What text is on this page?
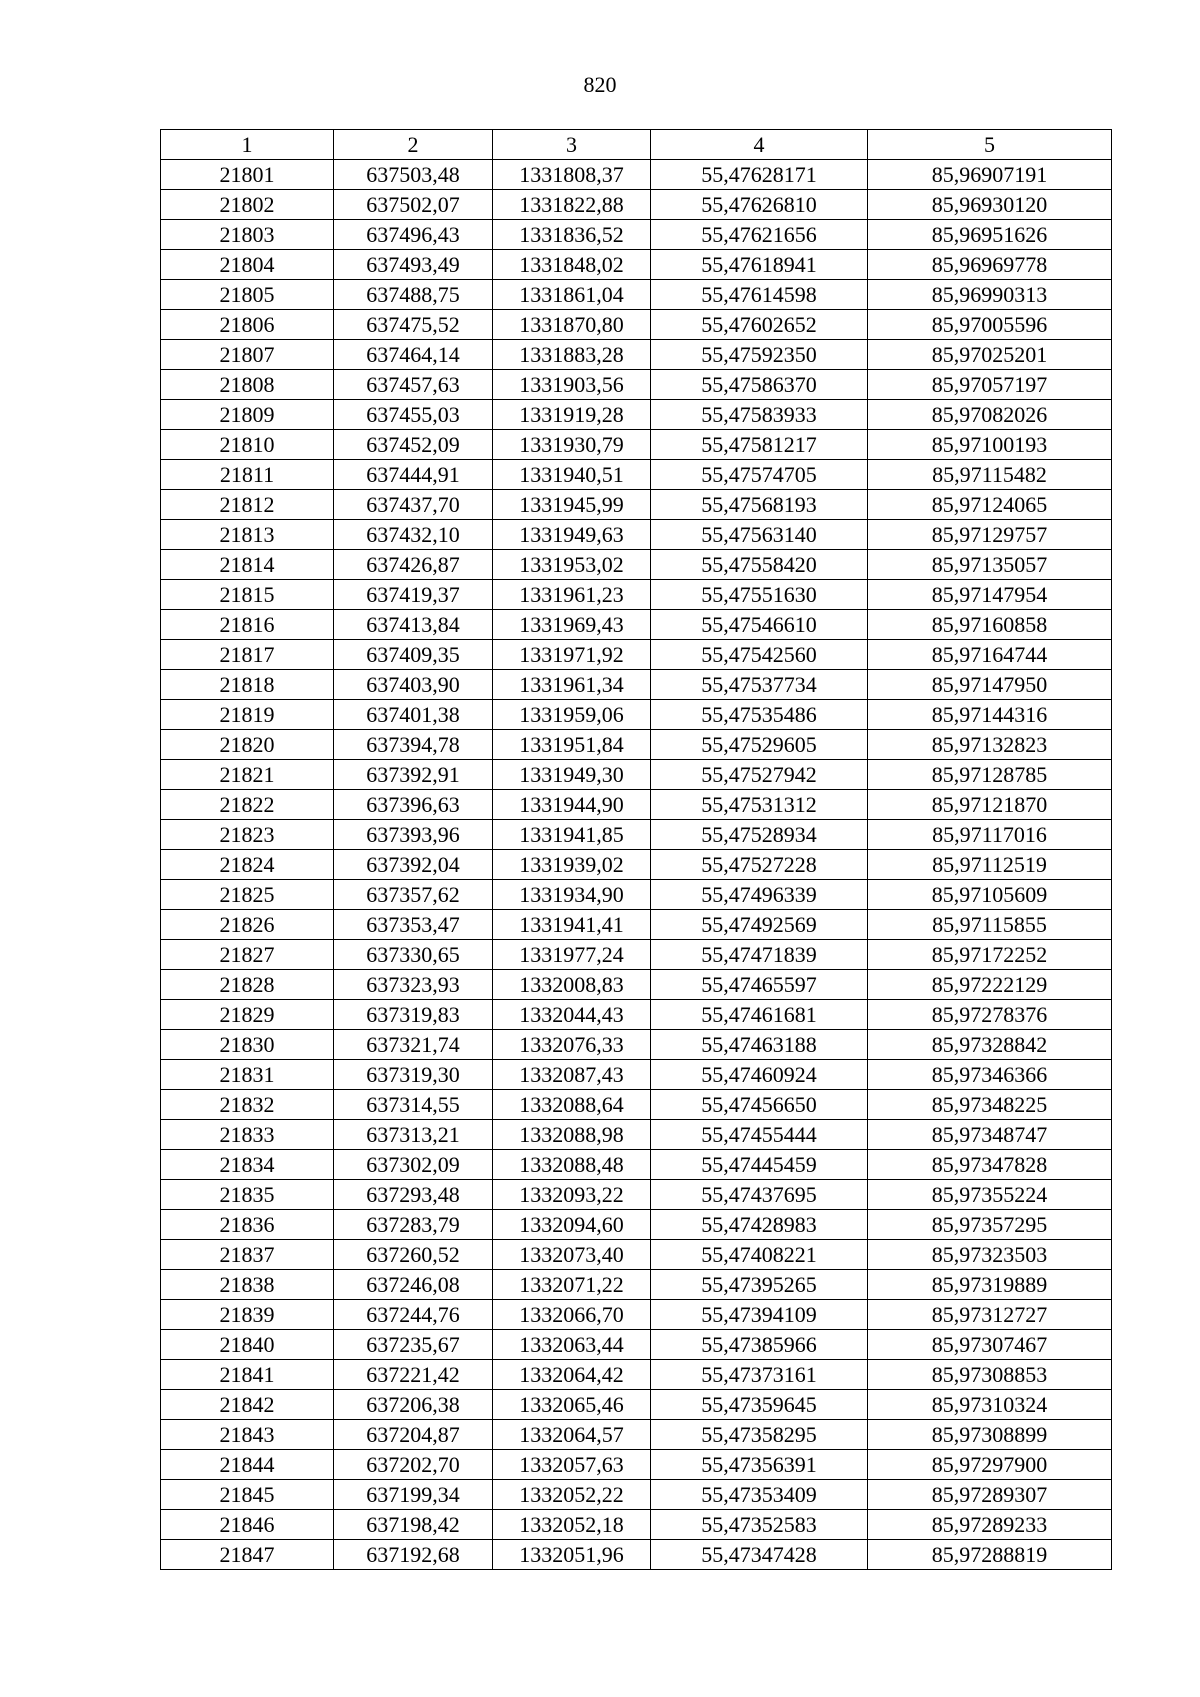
820
1	2	3	4	5
21801	637503,48	1331808,37	55,47628171	85,96907191
21802	637502,07	1331822,88	55,47626810	85,96930120
21803	637496,43	1331836,52	55,47621656	85,96951626
21804	637493,49	1331848,02	55,47618941	85,96969778
21805	637488,75	1331861,04	55,47614598	85,96990313
21806	637475,52	1331870,80	55,47602652	85,97005596
21807	637464,14	1331883,28	55,47592350	85,97025201
21808	637457,63	1331903,56	55,47586370	85,97057197
21809	637455,03	1331919,28	55,47583933	85,97082026
21810	637452,09	1331930,79	55,47581217	85,97100193
21811	637444,91	1331940,51	55,47574705	85,97115482
21812	637437,70	1331945,99	55,47568193	85,97124065
21813	637432,10	1331949,63	55,47563140	85,97129757
21814	637426,87	1331953,02	55,47558420	85,97135057
21815	637419,37	1331961,23	55,47551630	85,97147954
21816	637413,84	1331969,43	55,47546610	85,97160858
21817	637409,35	1331971,92	55,47542560	85,97164744
21818	637403,90	1331961,34	55,47537734	85,97147950
21819	637401,38	1331959,06	55,47535486	85,97144316
21820	637394,78	1331951,84	55,47529605	85,97132823
21821	637392,91	1331949,30	55,47527942	85,97128785
21822	637396,63	1331944,90	55,47531312	85,97121870
21823	637393,96	1331941,85	55,47528934	85,97117016
21824	637392,04	1331939,02	55,47527228	85,97112519
21825	637357,62	1331934,90	55,47496339	85,97105609
21826	637353,47	1331941,41	55,47492569	85,97115855
21827	637330,65	1331977,24	55,47471839	85,97172252
21828	637323,93	1332008,83	55,47465597	85,97222129
21829	637319,83	1332044,43	55,47461681	85,97278376
21830	637321,74	1332076,33	55,47463188	85,97328842
21831	637319,30	1332087,43	55,47460924	85,97346366
21832	637314,55	1332088,64	55,47456650	85,97348225
21833	637313,21	1332088,98	55,47455444	85,97348747
21834	637302,09	1332088,48	55,47445459	85,97347828
21835	637293,48	1332093,22	55,47437695	85,97355224
21836	637283,79	1332094,60	55,47428983	85,97357295
21837	637260,52	1332073,40	55,47408221	85,97323503
21838	637246,08	1332071,22	55,47395265	85,97319889
21839	637244,76	1332066,70	55,47394109	85,97312727
21840	637235,67	1332063,44	55,47385966	85,97307467
21841	637221,42	1332064,42	55,47373161	85,97308853
21842	637206,38	1332065,46	55,47359645	85,97310324
21843	637204,87	1332064,57	55,47358295	85,97308899
21844	637202,70	1332057,63	55,47356391	85,97297900
21845	637199,34	1332052,22	55,47353409	85,97289307
21846	637198,42	1332052,18	55,47352583	85,97289233
21847	637192,68	1332051,96	55,47347428	85,97288819
